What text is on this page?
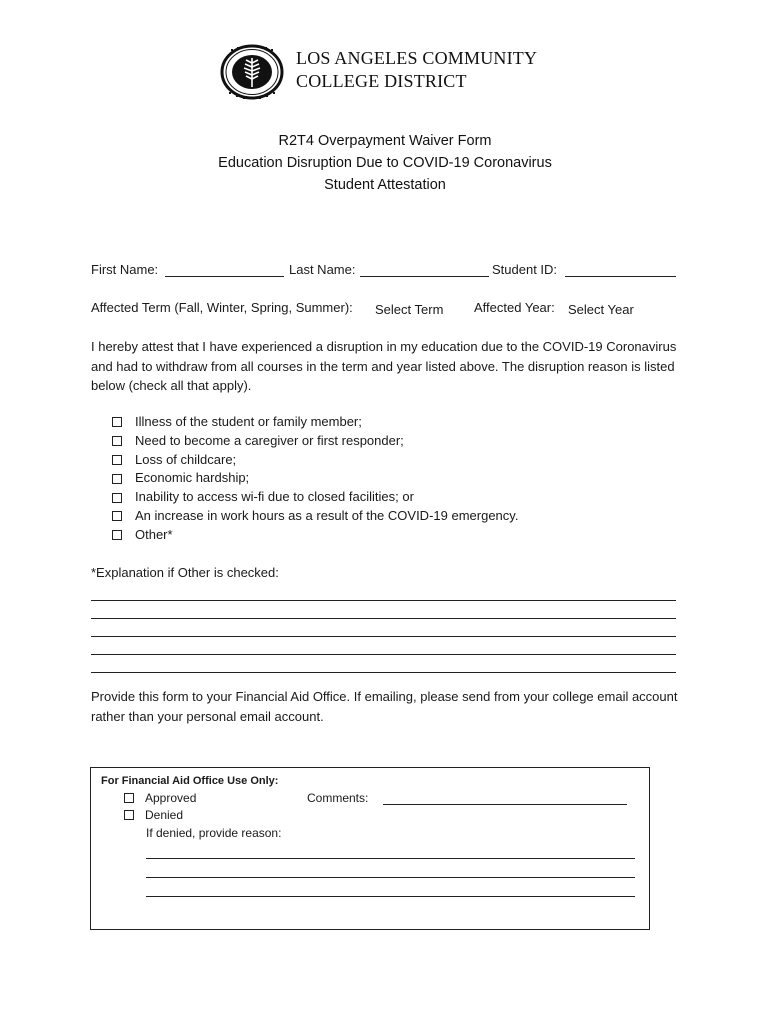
LOS ANGELES COMMUNITY
COLLEGE DISTRICT
R2T4 Overpayment Waiver Form
Education Disruption Due to COVID-19 Coronavirus
Student Attestation
First Name:	Last Name:	Student ID:
Affected Term (Fall, Winter, Spring, Summer): Select Term Affected Year: Select Year
I hereby attest that I have experienced a disruption in my education due to the COVID-19 Coronavirus and had to withdraw from all courses in the term and year listed above. The disruption reason is listed below (check all that apply).
Illness of the student or family member;
Need to become a caregiver or first responder;
Loss of childcare;
Economic hardship;
Inability to access wi-fi due to closed facilities; or
An increase in work hours as a result of the COVID-19 emergency.
Other*
*Explanation if Other is checked:
Provide this form to your Financial Aid Office. If emailing, please send from your college email account rather than your personal email account.
For Financial Aid Office Use Only:
Approved
Denied
Comments:
If denied, provide reason:
